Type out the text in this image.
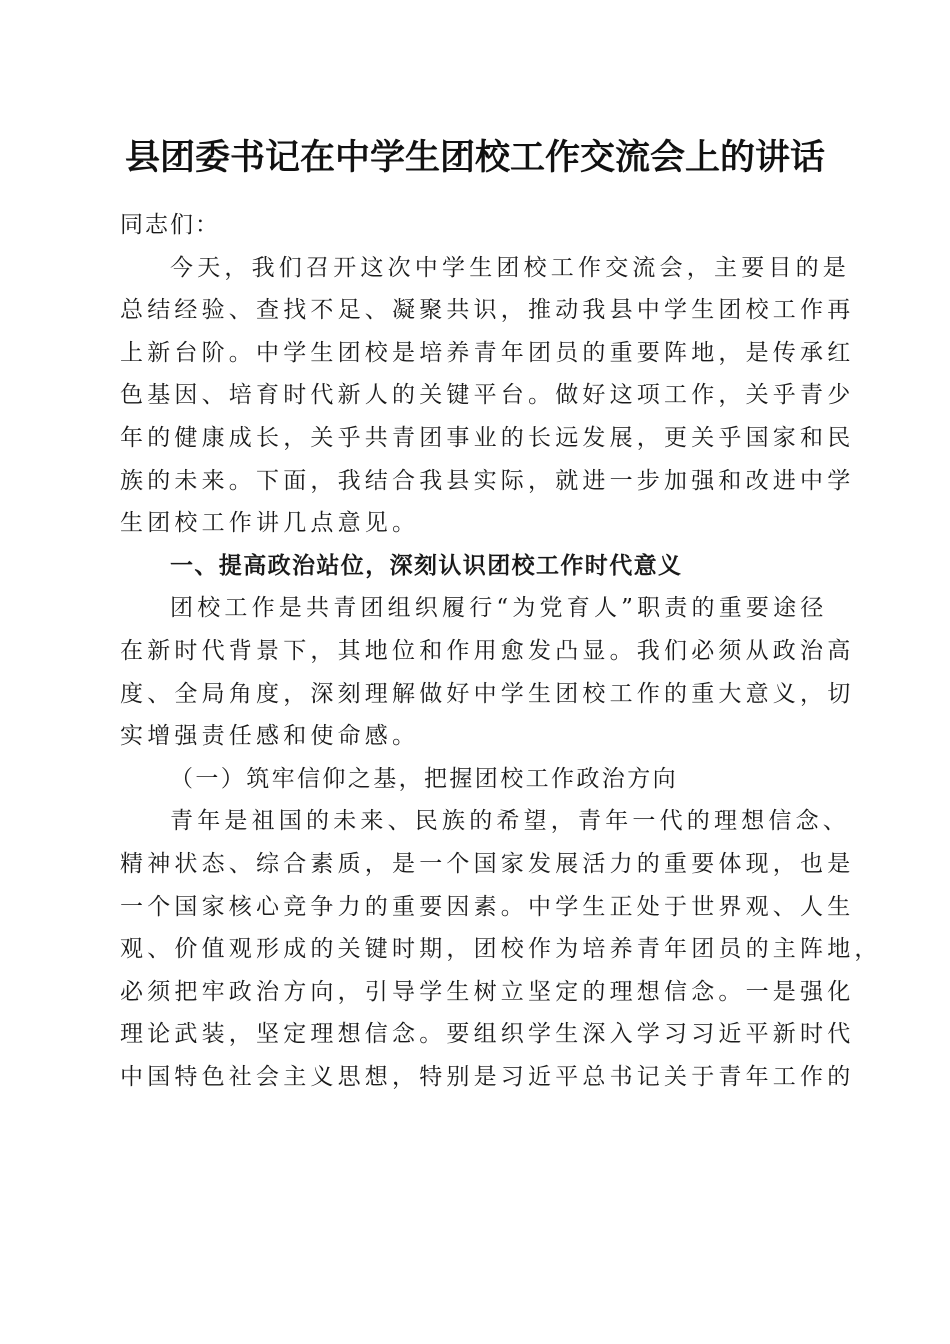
县团委书记在中学生团校工作交流会上的讲话
同志们：
今天，我们召开这次中学生团校工作交流会，主要目的是
总结经验、查找不足、凝聚共识，推动我县中学生团校工作再
上新台阶。中学生团校是培养青年团员的重要阵地，是传承红
色基因、培育时代新人的关键平台。做好这项工作，关乎青少
年的健康成长，关乎共青团事业的长远发展，更关乎国家和民
族的未来。下面，我结合我县实际，就进一步加强和改进中学
生团校工作讲几点意见。
一、提高政治站位，深刻认识团校工作时代意义
团校工作是共青团组织履行“为党育人”职责的重要途径
在新时代背景下，其地位和作用愈发凸显。我们必须从政治高
度、全局角度，深刻理解做好中学生团校工作的重大意义，切
实增强责任感和使命感。
（一）筑牢信仰之基，把握团校工作政治方向
青年是祖国的未来、民族的希望，青年一代的理想信念、
精神状态、综合素质，是一个国家发展活力的重要体现，也是
一个国家核心竞争力的重要因素。中学生正处于世界观、人生
观、价值观形成的关键时期，团校作为培养青年团员的主阵地，
必须把牢政治方向，引导学生树立坚定的理想信念。一是强化
理论武装，坚定理想信念。要组织学生深入学习习近平新时代
中国特色社会主义思想，特别是习近平总书记关于青年工作的
